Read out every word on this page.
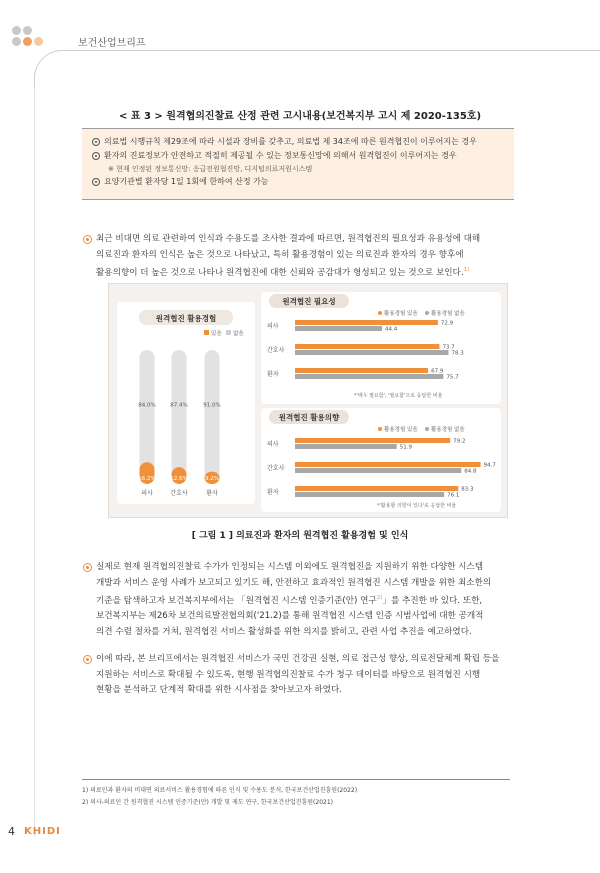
보건산업브리프
< 표 3 > 원격협의진찰료 산정 관련 고시내용(보건복지부 고시 제 2020-135호)
의료법 시행규칙 제29조에 따라 시설과 장비를 갖추고, 의료법 제 34조에 따른 원격협진이 이루어지는 경우
환자의 진료정보가 안전하고 적절히 제공될 수 있는 정보통신망에 의해서 원격협진이 이루어지는 경우
※ 현재 인정된 정보통신망: 응급전원협진망, 디지털의료저원시스템
요양기관별 환자당 1일 1회에 한하여 산정 가능
최근 비대면 의료 관련하여 인식과 수용도를 조사한 결과에 따르면, 원격협진의 필요성과 유용성에 대해
의료진과 환자의 인식은 높은 것으로 나타났고, 특히 활용경험이 있는 의료진과 환자의 경우 향후에
활용의향이 더 높은 것으로 나타나 원격협진에 대한 신뢰와 공감대가 형성되고 있는 것으로 보인다.$^{1)}$
원격협진 활용경험
있음 없음
84.0%
16.2%
의사
87.4%
12.6%
간호사
91.0%
9.2%
환자
원격협진 필요성
활용경험 있음 활용경험 없음
의사	72.9
44.4
간호사	73.7
78.3
환자	67.9
75.7
*'매우 필요함', '필요함'으로 응답한 비율
원격협진 활용의향
활용경험 있음 활용경험 없음
의사	79.2
51.9
간호사	94.7
84.8
환자	83.3
76.1
*'활용할 의향이 있다'로 응답한 비율
[ 그림 1 ] 의료진과 환자의 원격협진 활용경험 및 인식
실제로 현재 원격협의진찰료 수가가 인정되는 시스템 이외에도 원격협진을 지원하기 위한 다양한 시스템
개발과 서비스 운영 사례가 보고되고 있기도 해, 안전하고 효과적인 원격협진 시스템 개발을 위한 최소한의
기준을 탐색하고자 보건복지부에서는 「원격협진 시스템 인증기준(안) 연구$^{2)}$」를 추진한 바 있다. 또한,
보건복지부는 제26차 보건의료발전협의회('21.2)를 통해 원격협진 시스템 인증 시범사업에 대한 공개적
의견 수렴 절차를 거쳐, 원격협진 서비스 활성화를 위한 의지를 밝히고, 관련 사업 추진을 예고하였다.
이에 따라, 본 브리프에서는 원격협진 서비스가 국민 건강권 실현, 의료 접근성 향상, 의료전달체계 확립 등을
지원하는 서비스로 확대될 수 있도록, 현행 원격협의진찰료 수가 청구 데이터를 바탕으로 원격협진 시행
현황을 분석하고 단계적 확대를 위한 시사점을 찾아보고자 하였다.
1) 의료인과 환자의 비대면 의료서비스 활용경험에 따른 인식 및 수용도 분석, 한국보건산업진흥원(2022)
2) 의사-의료인 간 원격협진 시스템 인증기준(안) 개발 및 제도 연구, 한국보건산업진흥원(2021)
4 KHIDI
